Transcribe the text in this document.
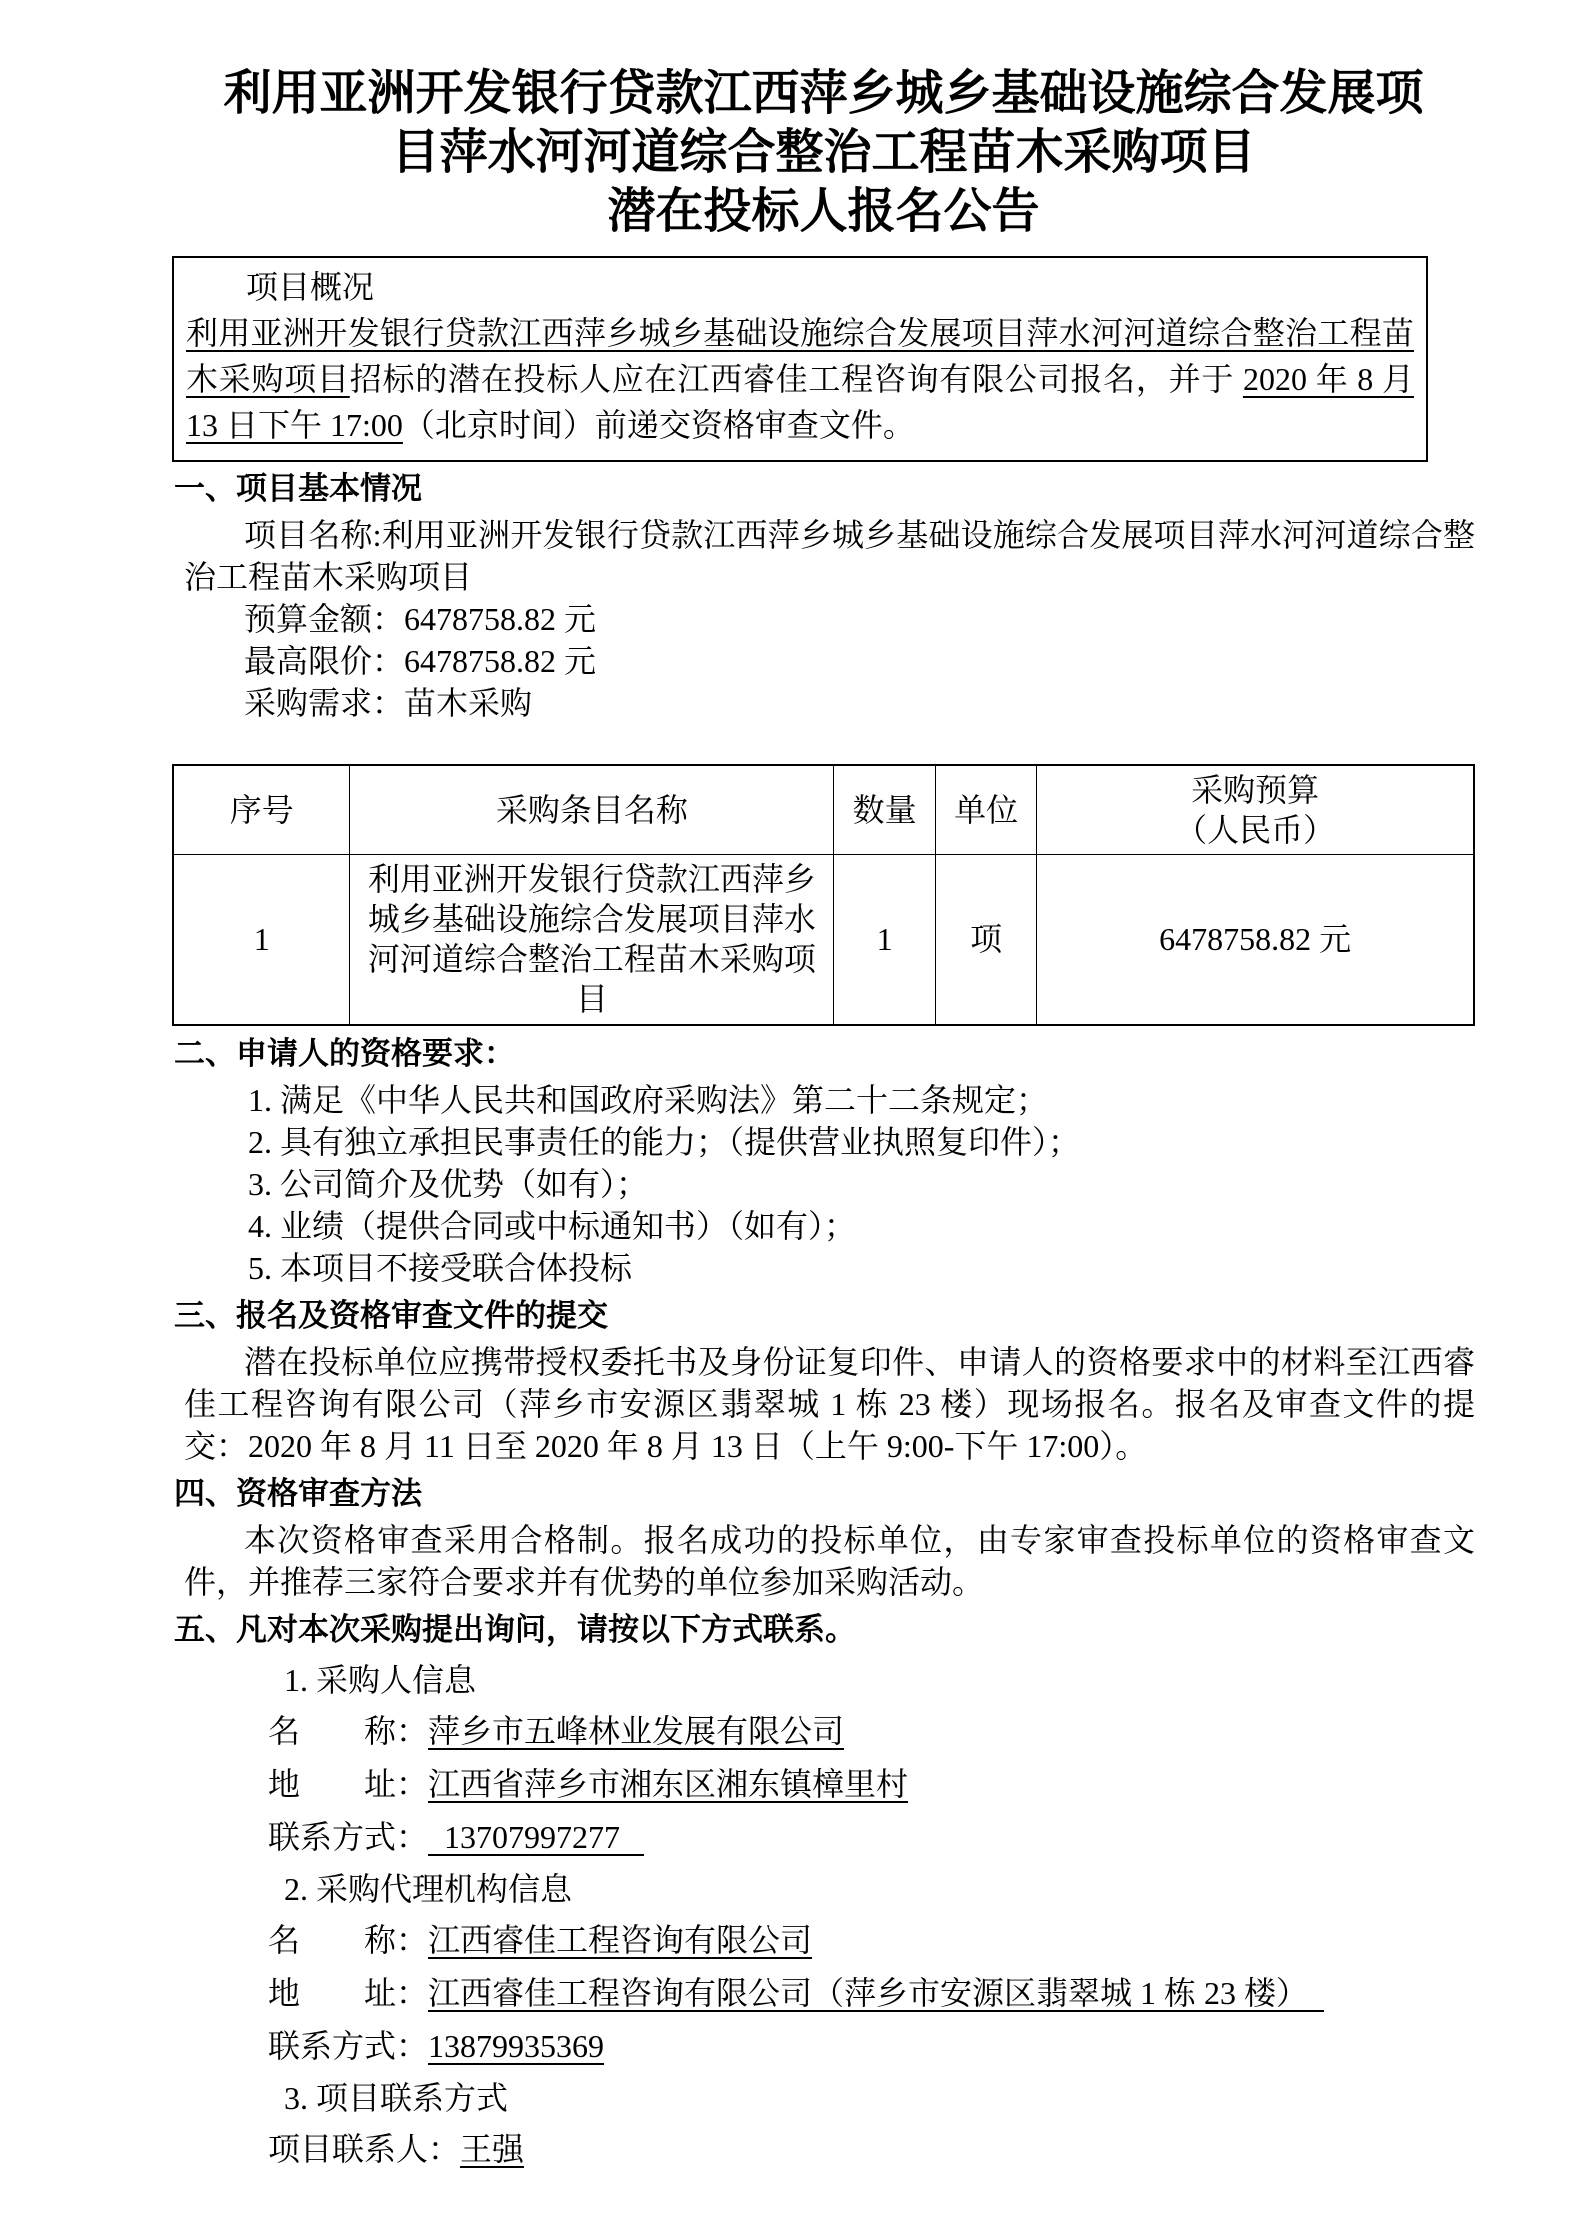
利用亚洲开发银行贷款江西萍乡城乡基础设施综合发展项
目萍水河河道综合整治工程苗木采购项目
潜在投标人报名公告
项目概况
利用亚洲开发银行贷款江西萍乡城乡基础设施综合发展项目萍水河河道综合整治工程苗木采购项目招标的潜在投标人应在江西睿佳工程咨询有限公司报名，并于 2020 年 8 月 13 日下午 17:00（北京时间）前递交资格审查文件。
一、项目基本情况
项目名称:利用亚洲开发银行贷款江西萍乡城乡基础设施综合发展项目萍水河河道综合整治工程苗木采购项目
预算金额：6478758.82 元
最高限价：6478758.82 元
采购需求：苗木采购
序号	采购条目名称	数量	单位	采购预算
（人民币）

1	利用亚洲开发银行贷款江西萍乡城乡基础设施综合发展项目萍水河河道综合整治工程苗木采购项目	1	项	6478758.82 元
二、申请人的资格要求：
1. 满足《中华人民共和国政府采购法》第二十二条规定；
2. 具有独立承担民事责任的能力；（提供营业执照复印件）；
3. 公司简介及优势（如有）；
4. 业绩（提供合同或中标通知书）（如有）；
5. 本项目不接受联合体投标
三、报名及资格审查文件的提交
潜在投标单位应携带授权委托书及身份证复印件、申请人的资格要求中的材料至江西睿佳工程咨询有限公司（萍乡市安源区翡翠城 1 栋 23 楼）现场报名。报名及审查文件的提交：2020 年 8 月 11 日至 2020 年 8 月 13 日（上午 9:00-下午 17:00）。
四、资格审查方法
本次资格审查采用合格制。报名成功的投标单位，由专家审查投标单位的资格审查文件，并推荐三家符合要求并有优势的单位参加采购活动。
五、凡对本次采购提出询问，请按以下方式联系。
1. 采购人信息
名　　称：萍乡市五峰林业发展有限公司
地　　址：江西省萍乡市湘东区湘东镇樟里村
联系方式：  13707997277
2. 采购代理机构信息
名　　称：江西睿佳工程咨询有限公司
地　　址：江西睿佳工程咨询有限公司（萍乡市安源区翡翠城 1 栋 23 楼）　
联系方式：13879935369
3. 项目联系方式
项目联系人：王强
